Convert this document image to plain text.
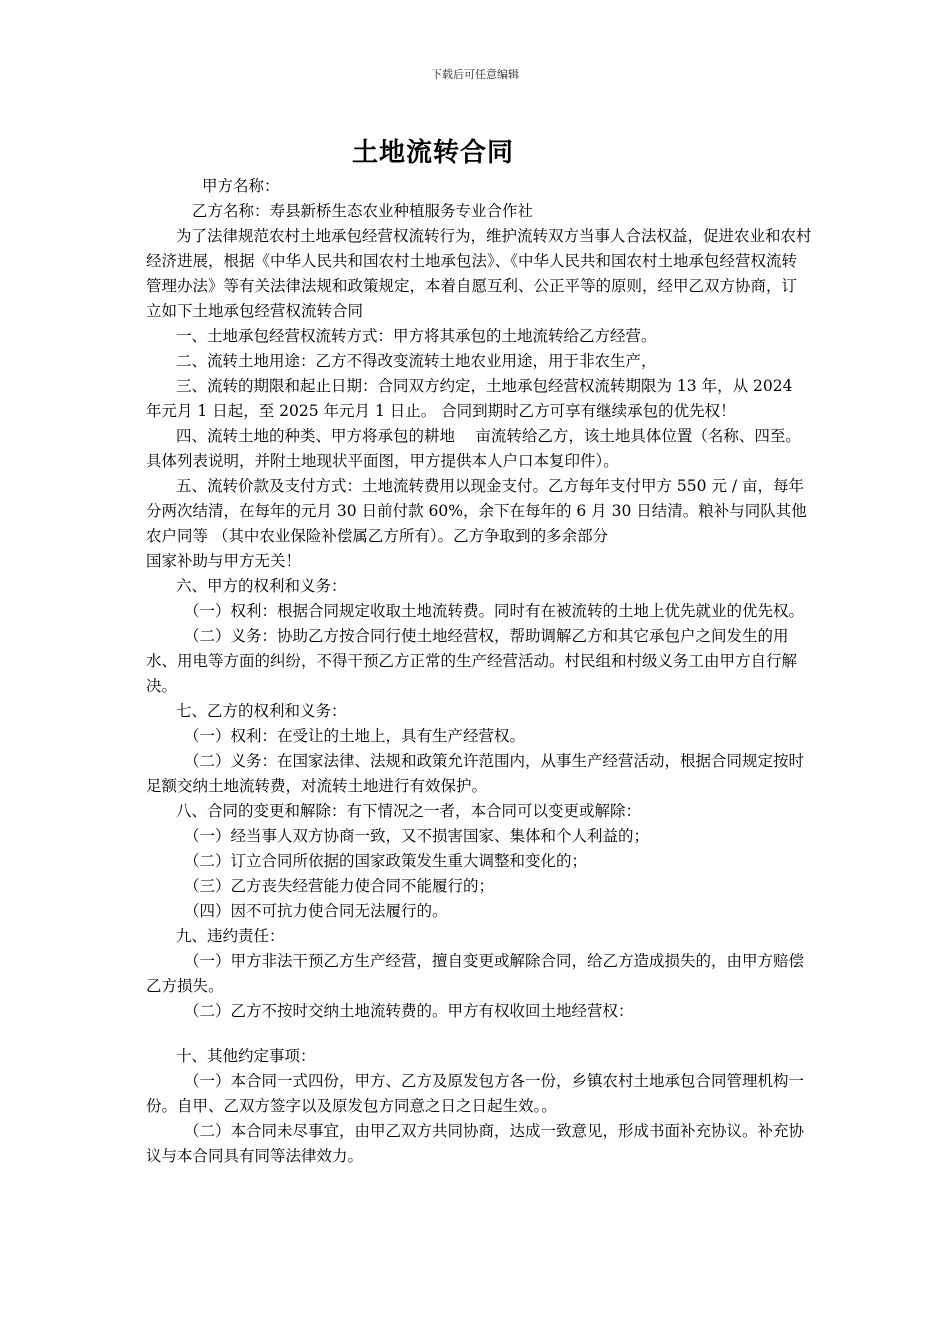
下载后可任意编辑
土地流转合同

甲方名称：

乙方名称：寿县新桥生态农业种植服务专业合作社

为了法律规范农村土地承包经营权流转行为，维护流转双方当事人合法权益，促进农业和农村经济进展，根据《中华人民共和国农村土地承包法》、《中华人民共和国农村土地承包经营权流转管理办法》等有关法律法规和政策规定，本着自愿互利、公正平等的原则，经甲乙双方协商，订立如下土地承包经营权流转合同

一、土地承包经营权流转方式：甲方将其承包的土地流转给乙方经营。

二、流转土地用途：乙方不得改变流转土地农业用途，用于非农生产，

三、流转的期限和起止日期：合同双方约定，土地承包经营权流转期限为 13 年，从 2024 年元月 1 日起，至 2025 年元月 1 日止。 合同到期时乙方可享有继续承包的优先权！

四、流转土地的种类、甲方将承包的耕地　 亩流转给乙方，该土地具体位置（名称、四至。具体列表说明，并附土地现状平面图，甲方提供本人户口本复印件）。

五、流转价款及支付方式：土地流转费用以现金支付。乙方每年支付甲方 550 元 / 亩，每年分两次结清，在每年的元月 30 日前付款 60%，余下在每年的 6 月 30 日结清。粮补与同队其他农户同等 （其中农业保险补偿属乙方所有）。乙方争取到的多余部分

国家补助与甲方无关！

六、甲方的权利和义务：

（一）权利：根据合同规定收取土地流转费。同时有在被流转的土地上优先就业的优先权。

（二）义务：协助乙方按合同行使土地经营权，帮助调解乙方和其它承包户之间发生的用水、用电等方面的纠纷，不得干预乙方正常的生产经营活动。村民组和村级义务工由甲方自行解决。

七、乙方的权利和义务：

（一）权利：在受让的土地上，具有生产经营权。

（二）义务：在国家法律、法规和政策允许范围内，从事生产经营活动，根据合同规定按时足额交纳土地流转费，对流转土地进行有效保护。

八、合同的变更和解除：有下情况之一者，本合同可以变更或解除：

（一）经当事人双方协商一致，又不损害国家、集体和个人利益的；

（二）订立合同所依据的国家政策发生重大调整和变化的；

（三）乙方丧失经营能力使合同不能履行的；

（四）因不可抗力使合同无法履行的。

九、违约责任：

（一）甲方非法干预乙方生产经营，擅自变更或解除合同，给乙方造成损失的，由甲方赔偿乙方损失。

（二）乙方不按时交纳土地流转费的。甲方有权收回土地经营权：

十、其他约定事项：

（一）本合同一式四份，甲方、乙方及原发包方各一份，乡镇农村土地承包合同管理机构一份。自甲、乙双方签字以及原发包方同意之日之日起生效。。

（二）本合同未尽事宜，由甲乙双方共同协商，达成一致意见，形成书面补充协议。补充协议与本合同具有同等法律效力。
